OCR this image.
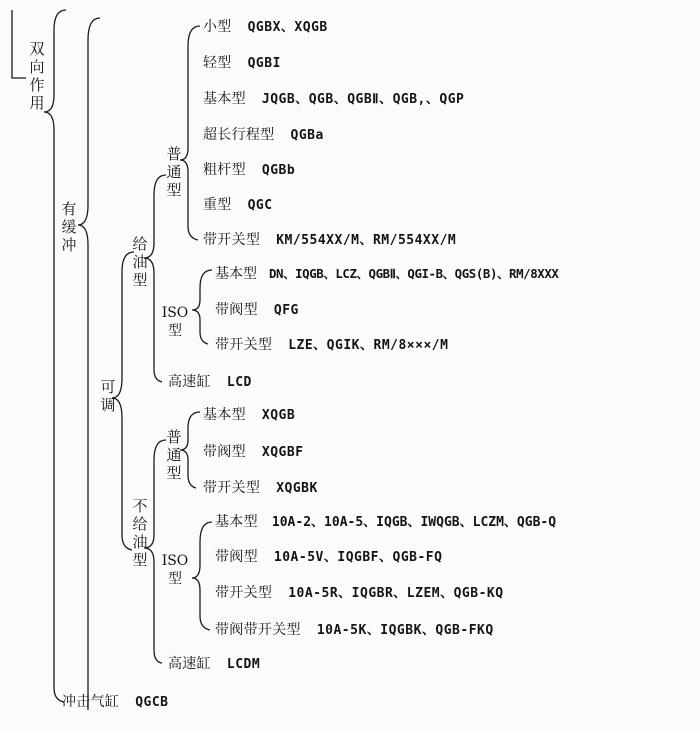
双向作用
有缓冲
可调
给油型
不给油型
普通型
ISO型
普通型
ISO型
小型 QGBX、XQGB
轻型 QGBI
基本型 JQGB、QGB、QGBⅡ、QGB,、QGP
超长行程型 QGBa
粗杆型 QGBb
重型 QGC
带开关型 KM/554XX/M、RM/554XX/M
基本型 DN、IQGB、LCZ、QGBⅡ、QGI-B、QGS(B)、RM/8XXX
带阀型 QFG
带开关型 LZE、QGIK、RM/8×××/M
高速缸 LCD
基本型 XQGB
带阀型 XQGBF
带开关型 XQGBK
基本型 10A-2、10A-5、IQGB、IWQGB、LCZM、QGB-Q
带阀型 10A-5V、IQGBF、QGB-FQ
带开关型 10A-5R、IQGBR、LZEM、QGB-KQ
带阀带开关型 10A-5K、IQGBK、QGB-FKQ
高速缸 LCDM
冲击气缸 QGCB
